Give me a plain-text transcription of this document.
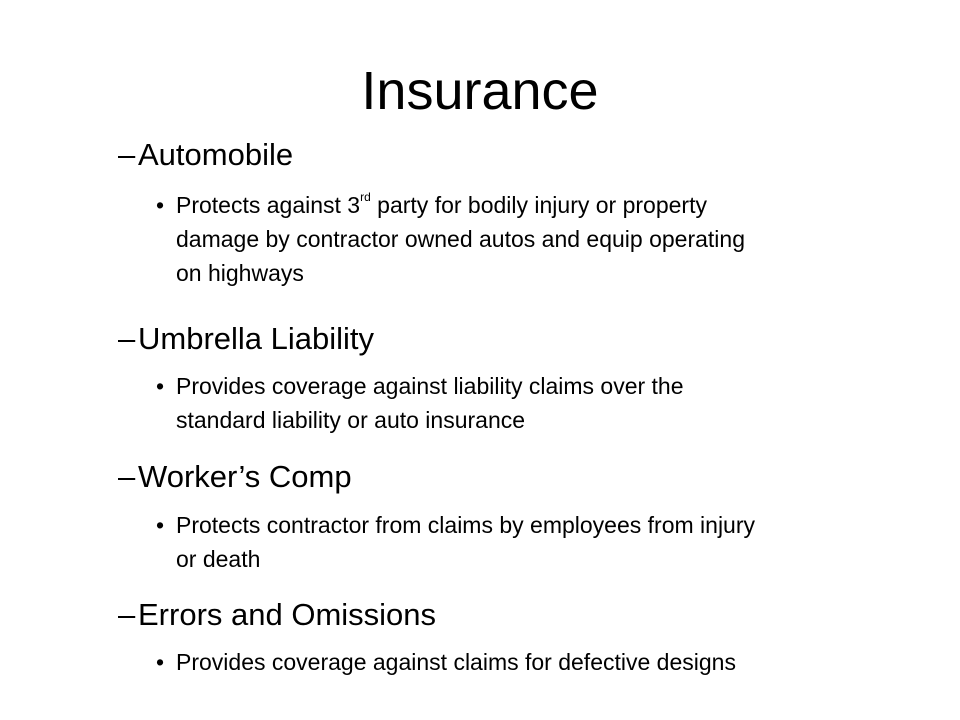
Insurance
–Automobile
• Protects against 3rd party for bodily injury or property damage by contractor owned autos and equip operating on highways
–Umbrella Liability
• Provides coverage against liability claims over the standard liability or auto insurance
–Worker’s Comp
• Protects contractor from claims by employees from injury or death
–Errors and Omissions
• Provides coverage against claims for defective designs
